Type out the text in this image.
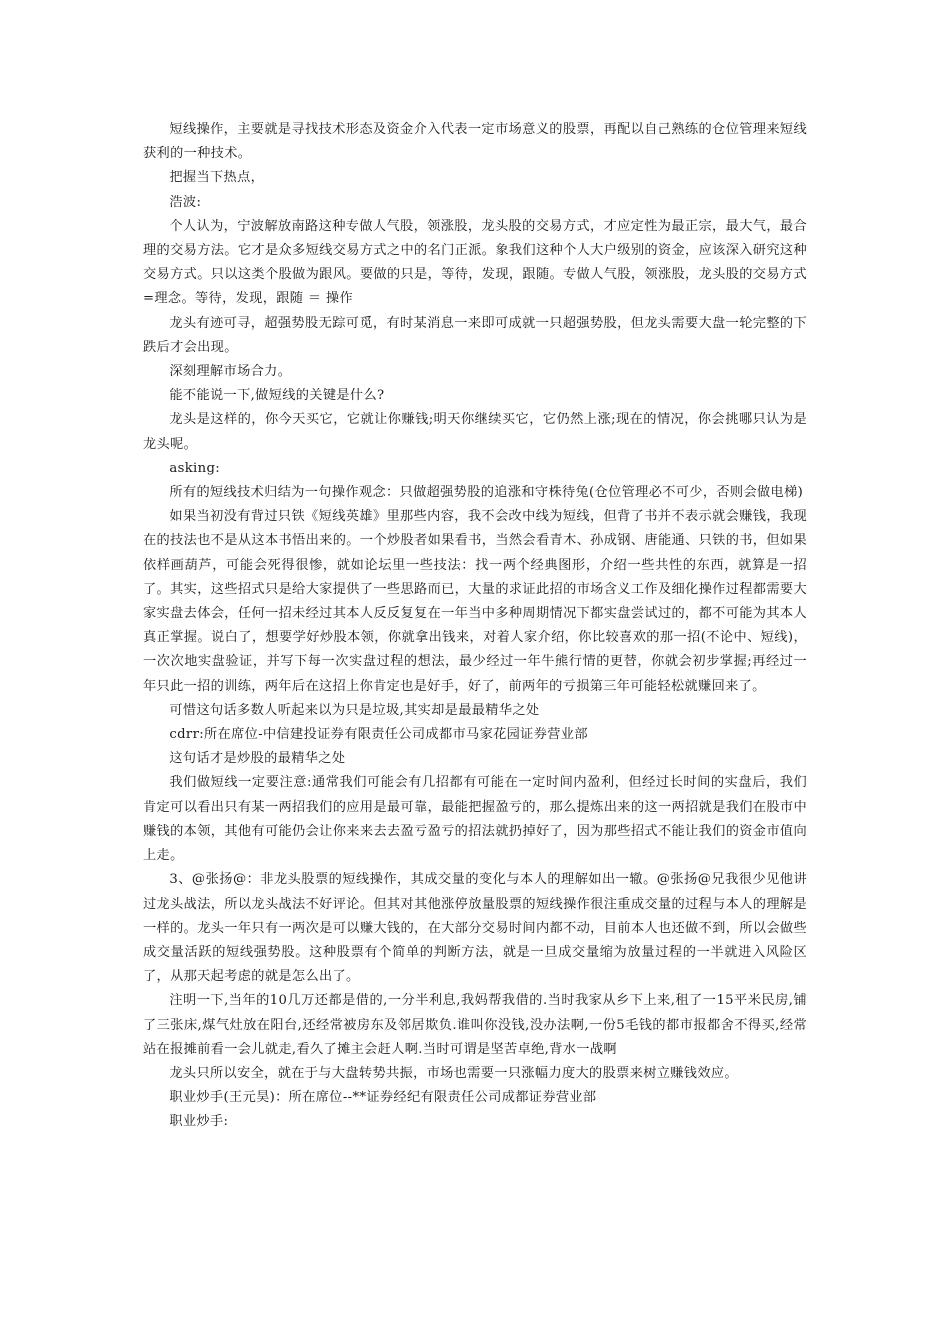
短线操作，主要就是寻找技术形态及资金介入代表一定市场意义的股票，再配以自己熟练的仓位管理来短线获利的一种技术。

把握当下热点，

浩波:

个人认为，宁波解放南路这种专做人气股，领涨股，龙头股的交易方式，才应定性为最正宗，最大气，最合理的交易方法。它才是众多短线交易方式之中的名门正派。象我们这种个人大户级别的资金，应该深入研究这种交易方式。只以这类个股做为跟风。要做的只是，等待，发现，跟随。专做人气股，领涨股，龙头股的交易方式=理念。等待，发现，跟随 ＝ 操作

龙头有迹可寻，超强势股无踪可觅，有时某消息一来即可成就一只超强势股，但龙头需要大盘一轮完整的下跌后才会出现。

深刻理解市场合力。

能不能说一下,做短线的关键是什么?

龙头是这样的，你今天买它，它就让你赚钱;明天你继续买它，它仍然上涨;现在的情况，你会挑哪只认为是龙头呢。

asking:

所有的短线技术归结为一句操作观念：只做超强势股的追涨和守株待兔(仓位管理必不可少，否则会做电梯)

如果当初没有背过只铁《短线英雄》里那些内容，我不会改中线为短线，但背了书并不表示就会赚钱，我现在的技法也不是从这本书悟出来的。一个炒股者如果看书，当然会看青木、孙成钢、唐能通、只铁的书，但如果依样画葫芦，可能会死得很惨，就如论坛里一些技法：找一两个经典图形，介绍一些共性的东西，就算是一招了。其实，这些招式只是给大家提供了一些思路而已，大量的求证此招的市场含义工作及细化操作过程都需要大家实盘去体会，任何一招未经过其本人反反复复在一年当中多种周期情况下都实盘尝试过的，都不可能为其本人真正掌握。说白了，想要学好炒股本领，你就拿出钱来，对着人家介绍，你比较喜欢的那一招(不论中、短线)，一次次地实盘验证，并写下每一次实盘过程的想法，最少经过一年牛熊行情的更替，你就会初步掌握;再经过一年只此一招的训练，两年后在这招上你肯定也是好手，好了，前两年的亏损第三年可能轻松就赚回来了。

可惜这句话多数人听起来以为只是垃圾,其实却是最最精华之处

cdrr:所在席位-中信建投证券有限责任公司成都市马家花园证券营业部

这句话才是炒股的最精华之处

我们做短线一定要注意:通常我们可能会有几招都有可能在一定时间内盈利，但经过长时间的实盘后，我们肯定可以看出只有某一两招我们的应用是最可靠，最能把握盈亏的，那么提炼出来的这一两招就是我们在股市中赚钱的本领，其他有可能仍会让你来来去去盈亏盈亏的招法就扔掉好了，因为那些招式不能让我们的资金市值向上走。

3、@张扬@：非龙头股票的短线操作，其成交量的变化与本人的理解如出一辙。@张扬@兄我很少见他讲过龙头战法，所以龙头战法不好评论。但其对其他涨停放量股票的短线操作很注重成交量的过程与本人的理解是一样的。龙头一年只有一两次是可以赚大钱的，在大部分交易时间内都不动，目前本人也还做不到，所以会做些成交量活跃的短线强势股。这种股票有个简单的判断方法，就是一旦成交量缩为放量过程的一半就进入风险区了，从那天起考虑的就是怎么出了。

注明一下,当年的10几万还都是借的,一分半利息,我妈帮我借的.当时我家从乡下上来,租了一15平米民房,铺了三张床,煤气灶放在阳台,还经常被房东及邻居欺负.谁叫你没钱,没办法啊,一份5毛钱的都市报都舍不得买,经常站在报摊前看一会儿就走,看久了摊主会赶人啊.当时可谓是坚苦卓绝,背水一战啊

龙头只所以安全，就在于与大盘转势共振，市场也需要一只涨幅力度大的股票来树立赚钱效应。

职业炒手(王元昊)：所在席位--**证券经纪有限责任公司成都证券营业部

职业炒手:
